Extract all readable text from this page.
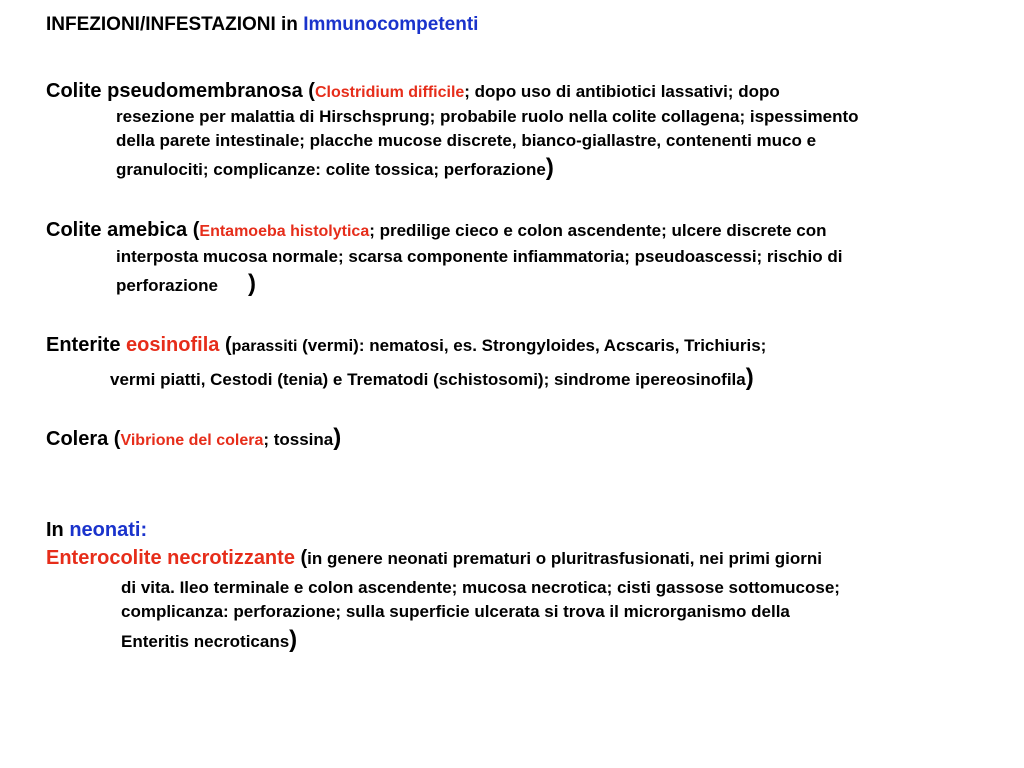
INFEZIONI/INFESTAZIONI in Immunocompetenti
Colite pseudomembranosa (Clostridium difficile; dopo uso di antibiotici lassativi; dopo
resezione per malattia di Hirschsprung; probabile ruolo nella colite collagena; ispessimento
della parete intestinale; placche mucose discrete, bianco-giallastre, contenenti muco e
granulociti; complicanze: colite tossica; perforazione)
Colite amebica (Entamoeba histolytica; predilige cieco e colon ascendente; ulcere discrete con
interposta mucosa normale; scarsa componente infiammatoria; pseudoascessi; rischio di
perforazione )
Enterite eosinofila (parassiti (vermi): nematosi, es. Strongyloides, Acscaris, Trichiuris;
vermi piatti, Cestodi (tenia) e Trematodi (schistosomi); sindrome ipereosinofila)
Colera (Vibrione del colera; tossina)
In neonati:
Enterocolite necrotizzante (in genere neonati prematuri o pluritrasfusionati, nei primi giorni
di vita. Ileo terminale e colon ascendente; mucosa necrotica; cisti gassose sottomucose;
complicanza: perforazione; sulla superficie ulcerata si trova il microrganismo della
Enteritis necroticans)
